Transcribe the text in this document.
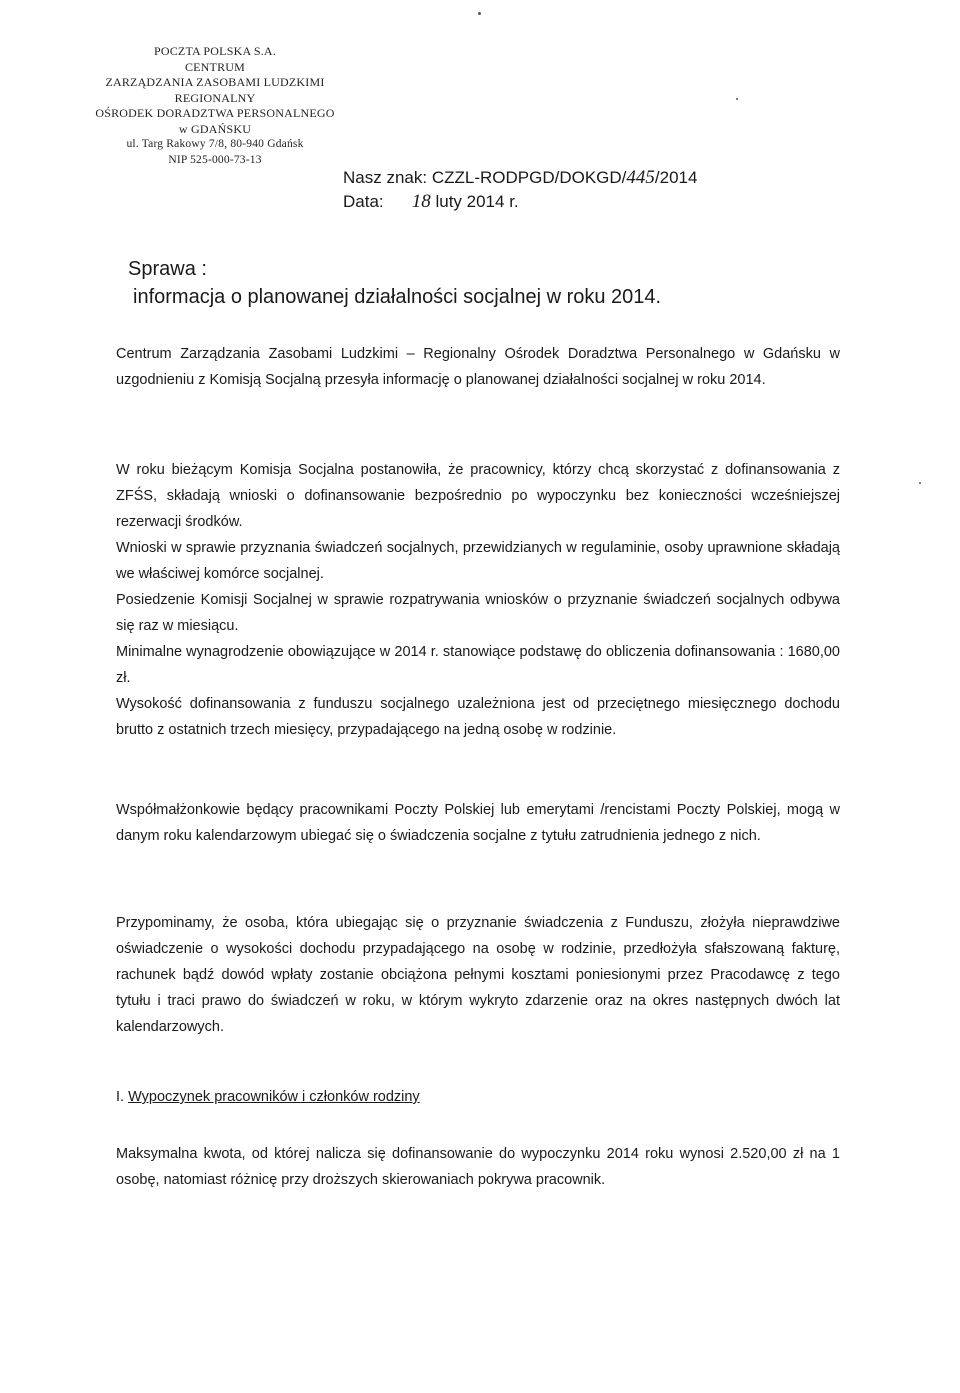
POCZTA POLSKA S.A.
CENTRUM
ZARZĄDZANIA ZASOBAMI LUDZKIMI
REGIONALNY
OŚRODEK DORADZTWA PERSONALNEGO
w GDAŃSKU
ul. Targ Rakowy 7/8, 80-940 Gdańsk
NIP 525-000-73-13
Nasz znak: CZZL-RODPGD/DOKGD/445/2014
Data: 18 luty 2014 r.
Sprawa :
informacja o planowanej działalności socjalnej w roku 2014.

Centrum Zarządzania Zasobami Ludzkimi – Regionalny Ośrodek Doradztwa Personalnego w Gdańsku w uzgodnieniu z Komisją Socjalną przesyła informację o planowanej działalności socjalnej w roku 2014.

W roku bieżącym Komisja Socjalna postanowiła, że pracownicy, którzy chcą skorzystać z dofinansowania z ZFŚS, składają wnioski o dofinansowanie bezpośrednio po wypoczynku bez konieczności wcześniejszej rezerwacji środków.

Wnioski w sprawie przyznania świadczeń socjalnych, przewidzianych w regulaminie, osoby uprawnione składają we właściwej komórce socjalnej.

Posiedzenie Komisji Socjalnej w sprawie rozpatrywania wniosków o przyznanie świadczeń socjalnych odbywa się raz w miesiącu.

Minimalne wynagrodzenie obowiązujące w 2014 r. stanowiące podstawę do obliczenia dofinansowania : 1680,00 zł.

Wysokość dofinansowania z funduszu socjalnego uzależniona jest od przeciętnego miesięcznego dochodu brutto z ostatnich trzech miesięcy, przypadającego na jedną osobę w rodzinie.

Współmałżonkowie będący pracownikami Poczty Polskiej lub emerytami /rencistami Poczty Polskiej, mogą w danym roku kalendarzowym ubiegać się o świadczenia socjalne z tytułu zatrudnienia jednego z nich.

Przypominamy, że osoba, która ubiegając się o przyznanie świadczenia z Funduszu, złożyła nieprawdziwe oświadczenie o wysokości dochodu przypadającego na osobę w rodzinie, przedłożyła sfałszowaną fakturę, rachunek bądź dowód wpłaty zostanie obciążona pełnymi kosztami poniesionymi przez Pracodawcę z tego tytułu i traci prawo do świadczeń w roku, w którym wykryto zdarzenie oraz na okres następnych dwóch lat kalendarzowych.

I. Wypoczynek pracowników i członków rodziny

Maksymalna kwota, od której nalicza się dofinansowanie do wypoczynku 2014 roku wynosi 2.520,00 zł na 1 osobę, natomiast różnicę przy droższych skierowaniach pokrywa pracownik.
